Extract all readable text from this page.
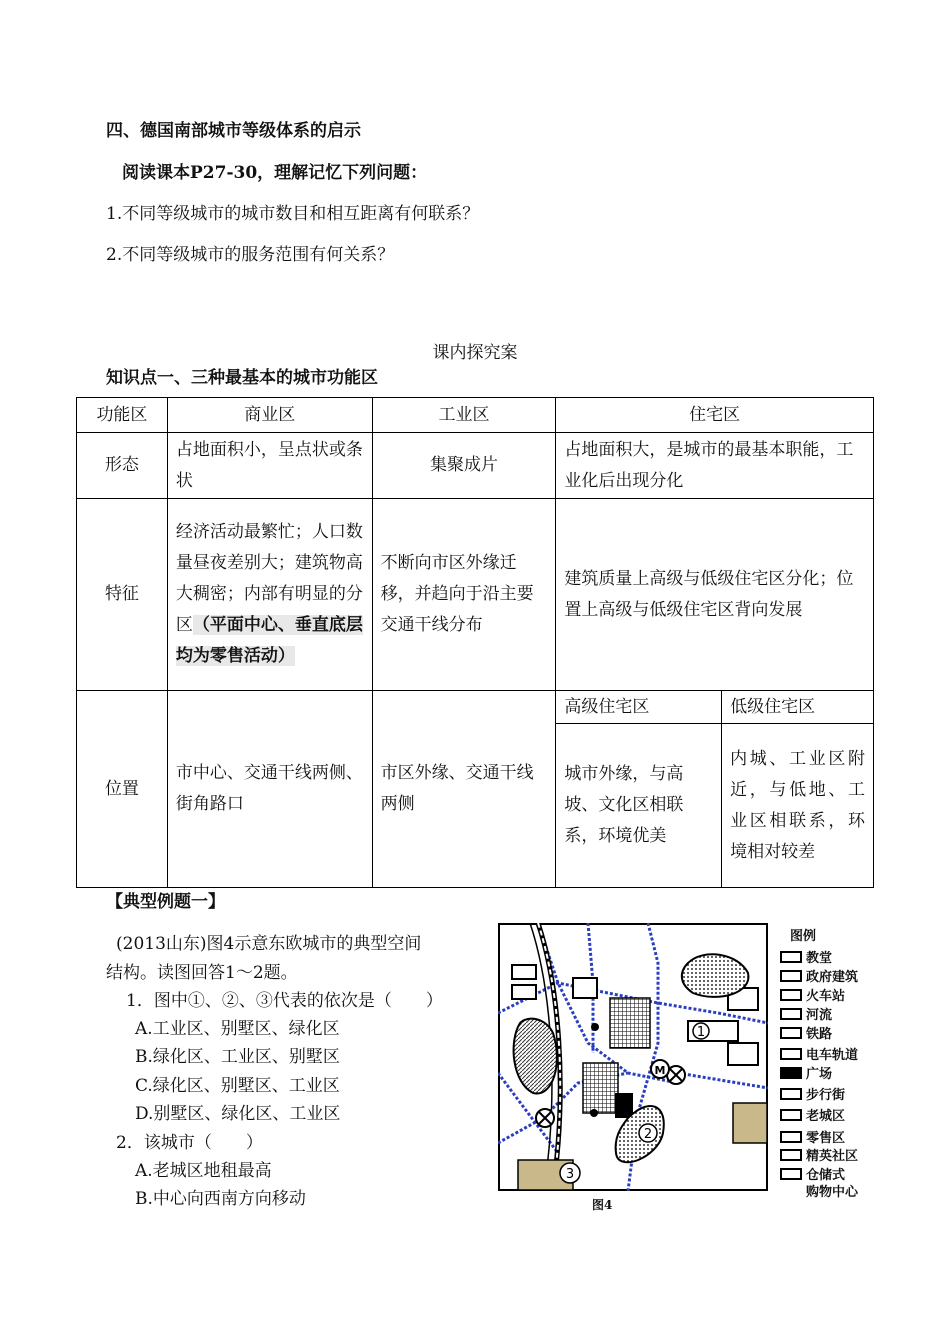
四、德国南部城市等级体系的启示
阅读课本P27-30，理解记忆下列问题：
1.不同等级城市的城市数目和相互距离有何联系？
2.不同等级城市的服务范围有何关系？
课内探究案
知识点一、三种最基本的城市功能区
功能区	商业区	工业区	住宅区	
形态	占地面积小，呈点状或条状	集聚成片	占地面积大，是城市的最基本职能，工业化后出现分化	
特征	经济活动最繁忙；人口数量昼夜差别大；建筑物高大稠密；内部有明显的分区（平面中心、垂直底层均为零售活动）	不断向市区外缘迁移，并趋向于沿主要交通干线分布	建筑质量上高级与低级住宅区分化；位置上高级与低级住宅区背向发展	
位置	市中心、交通干线两侧、街角路口	市区外缘、交通干线两侧	高级住宅区	低级住宅区
			城市外缘，与高坡、文化区相联系，环境优美	内城、工业区附近，与低地、工业区相联系，环境相对较差
【典型例题一】
(2013山东)图4示意东欧城市的典型空间
结构。读图回答1～2题。
1．图中①、②、③代表的依次是（　　）
A.工业区、别墅区、绿化区
B.绿化区、工业区、别墅区
C.绿化区、别墅区、工业区
D.别墅区、绿化区、工业区
2．该城市（　　）
A.老城区地租最高
B.中心向西南方向移动
1
2
3
M
图4
图例
教堂
政府建筑
火车站
河流
铁路
电车轨道
广场
步行街
老城区
零售区
精英社区
仓储式
购物中心
